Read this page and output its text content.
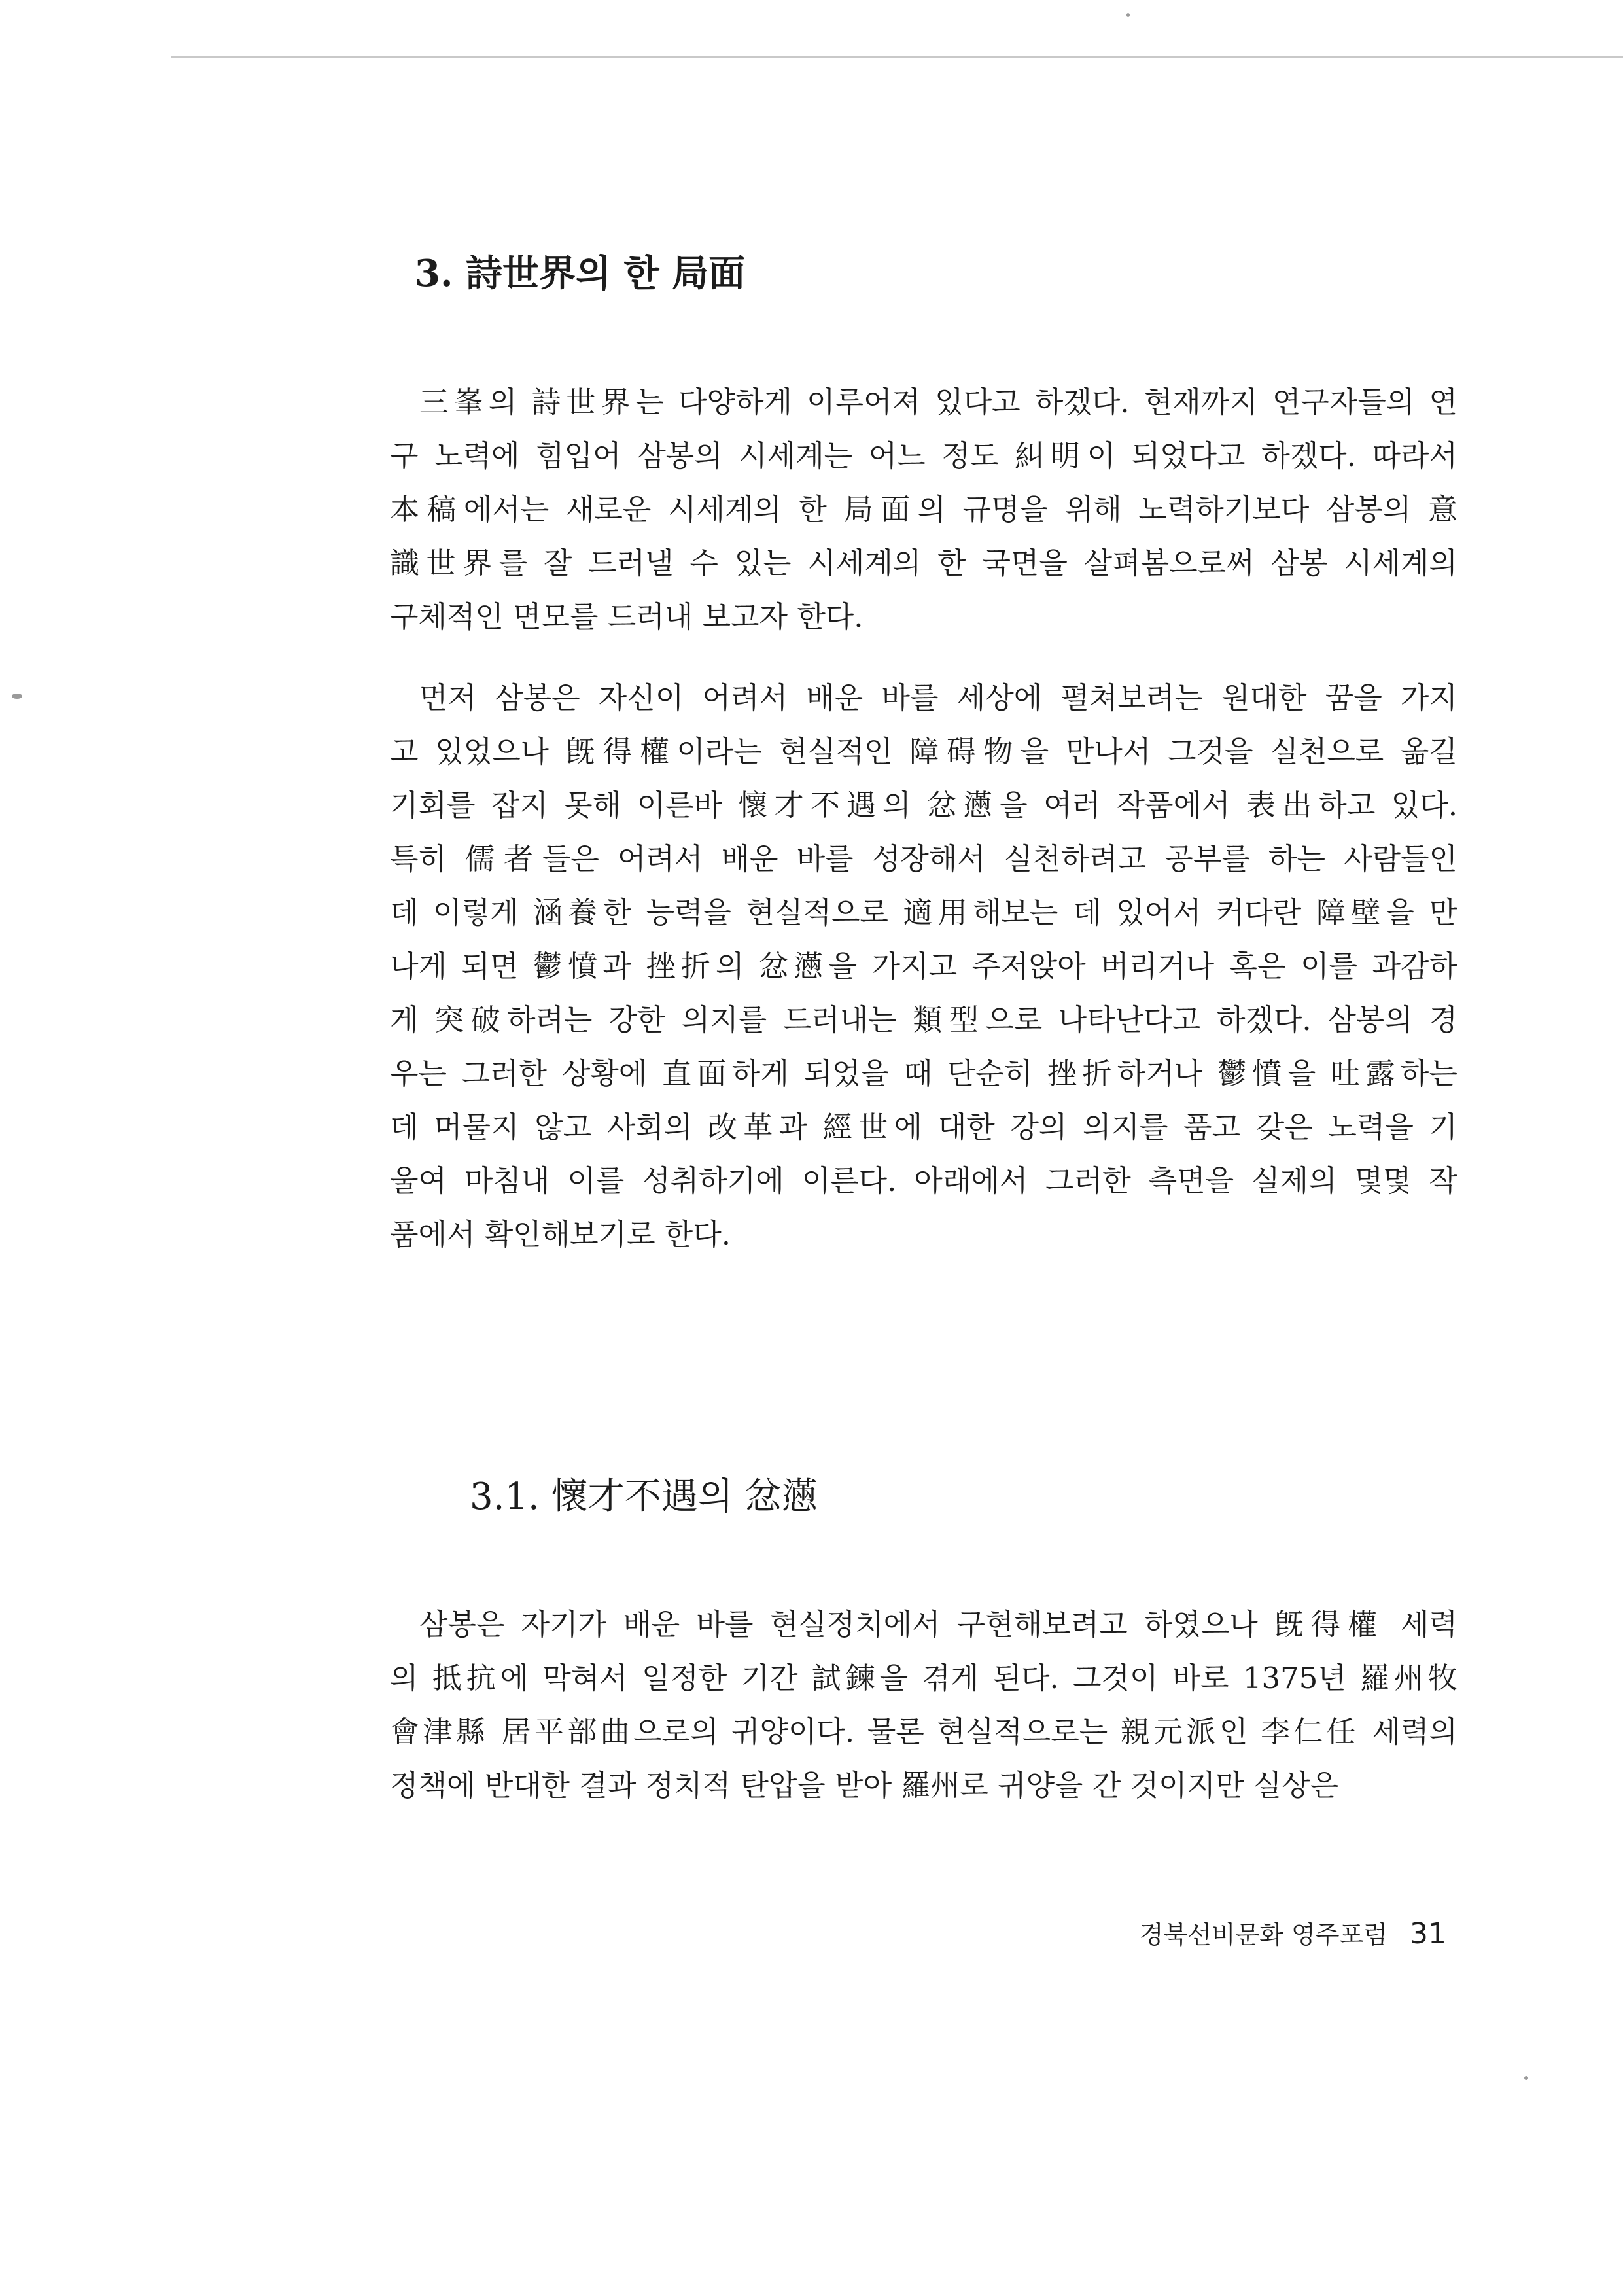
3. 詩世界의 한 局面
三峯의 詩世界는 다양하게 이루어져 있다고 하겠다. 현재까지 연구자들의 연
구 노력에 힘입어 삼봉의 시세계는 어느 정도 糾明이 되었다고 하겠다. 따라서
本稿에서는 새로운 시세계의 한 局面의 규명을 위해 노력하기보다 삼봉의 意
識世界를 잘 드러낼 수 있는 시세계의 한 국면을 살펴봄으로써 삼봉 시세계의
구체적인 면모를 드러내 보고자 한다.
먼저 삼봉은 자신이 어려서 배운 바를 세상에 펼쳐보려는 원대한 꿈을 가지
고 있었으나 旣得權이라는 현실적인 障碍物을 만나서 그것을 실천으로 옮길
기회를 잡지 못해 이른바 懷才不遇의 忿懣을 여러 작품에서 表出하고 있다.
특히 儒者들은 어려서 배운 바를 성장해서 실천하려고 공부를 하는 사람들인
데 이렇게 涵養한 능력을 현실적으로 適用해보는 데 있어서 커다란 障壁을 만
나게 되면 鬱憤과 挫折의 忿懣을 가지고 주저앉아 버리거나 혹은 이를 과감하
게 突破하려는 강한 의지를 드러내는 類型으로 나타난다고 하겠다. 삼봉의 경
우는 그러한 상황에 直面하게 되었을 때 단순히 挫折하거나 鬱憤을 吐露하는
데 머물지 않고 사회의 改革과 經世에 대한 강의 의지를 품고 갖은 노력을 기
울여 마침내 이를 성취하기에 이른다. 아래에서 그러한 측면을 실제의 몇몇 작
품에서 확인해보기로 한다.
3.1. 懷才不遇의 忿懣
삼봉은 자기가 배운 바를 현실정치에서 구현해보려고 하였으나 旣得權 세력
의 抵抗에 막혀서 일정한 기간 試鍊을 겪게 된다. 그것이 바로 1375년 羅州牧
會津縣 居平部曲으로의 귀양이다. 물론 현실적으로는 親元派인 李仁任 세력의
정책에 반대한 결과 정치적 탄압을 받아 羅州로 귀양을 간 것이지만 실상은
경북선비문화 영주포럼 31
